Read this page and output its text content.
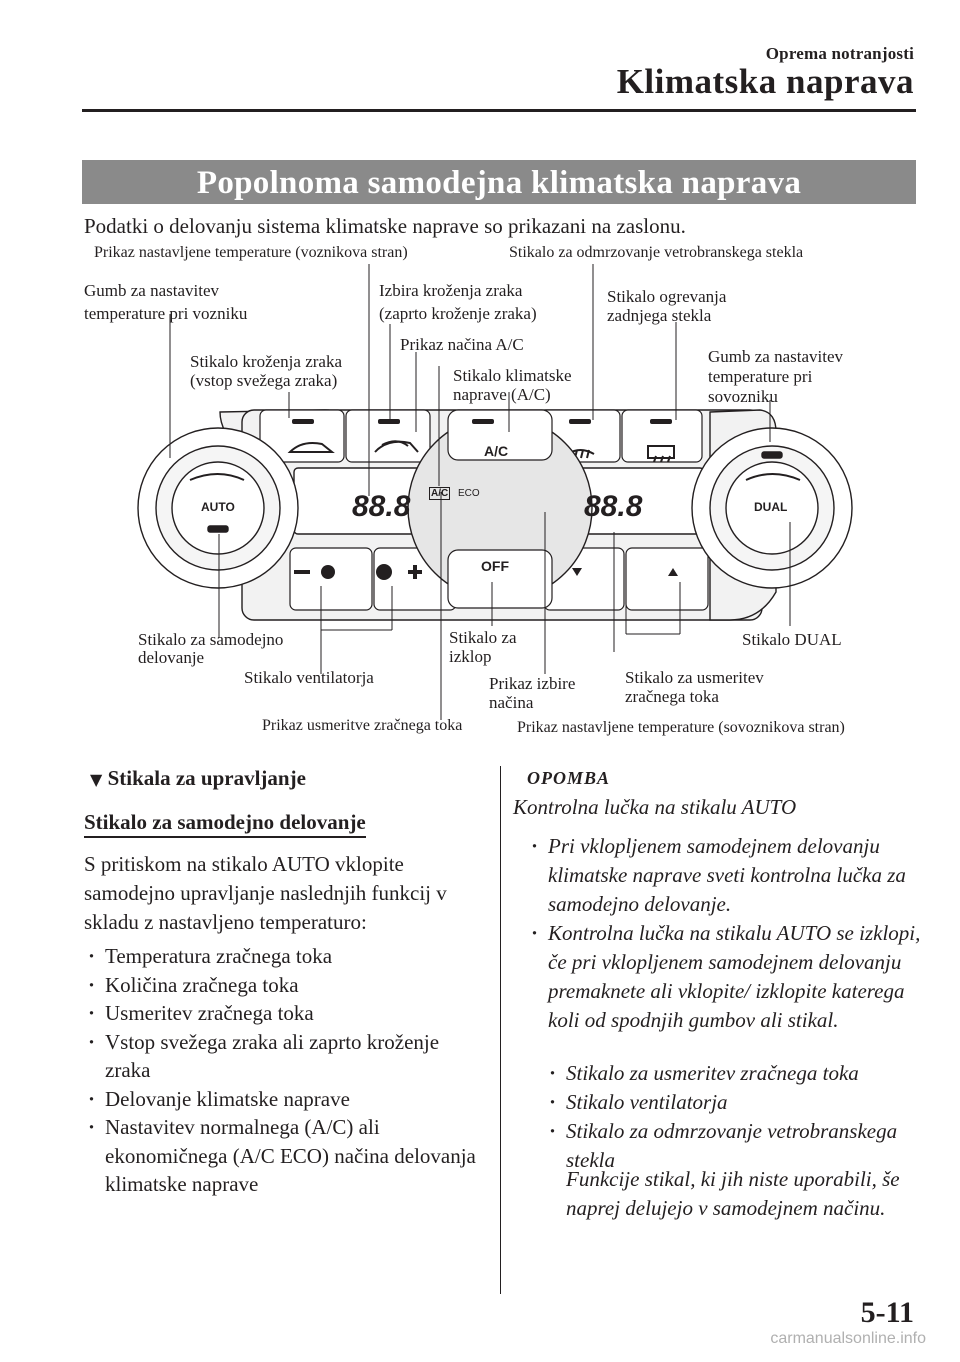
Oprema notranjosti
Klimatska naprava
Popolnoma samodejna klimatska naprava
Podatki o delovanju sistema klimatske naprave so prikazani na zaslonu.
AUTO	DUAL
A/C
OFF
A/C ECO
88.8	88.8
Prikaz nastavljene temperature (voznikova stran)	Stikalo za odmrzovanje vetrobranskega stekla
Gumb za nastavitev
temperature pri vozniku
Izbira kroženja zraka
(zaprto kroženje zraka)
Stikalo ogrevanja
zadnjega stekla
Prikaz načina A/C
Stikalo kroženja zraka
(vstop svežega zraka)	Stikalo klimatske
naprave (A/C)
Gumb za nastavitev
temperature pri
sovozniku
Stikalo za samodejno
delovanje
Stikalo za
izklop
Stikalo DUAL
Stikalo ventilatorja	Prikaz izbire
načina
Stikalo za usmeritev
zračnega toka
Prikaz usmeritve zračnega toka	Prikaz nastavljene temperature (sovoznikova stran)
▼ Stikala za upravljanje
Stikalo za samodejno delovanje
S pritiskom na stikalo AUTO vklopite samodejno upravljanje naslednjih funkcij v skladu z nastavljeno temperaturo:
· Temperatura zračnega toka
· Količina zračnega toka
· Usmeritev zračnega toka
· Vstop svežega zraka ali zaprto kroženje zraka
· Delovanje klimatske naprave
· Nastavitev normalnega (A/C) ali ekonomičnega (A/C ECO) načina delovanja klimatske naprave
OPOMBA
Kontrolna lučka na stikalu AUTO
· Pri vklopljenem samodejnem delovanju klimatske naprave sveti kontrolna lučka za samodejno delovanje.
· Kontrolna lučka na stikalu AUTO se izklopi, če pri vklopljenem samodejnem delovanju premaknete ali vklopite/ izklopite katerega koli od spodnjih gumbov ali stikal.
· Stikalo za usmeritev zračnega toka
· Stikalo ventilatorja
· Stikalo za odmrzovanje vetrobranskega stekla
Funkcije stikal, ki jih niste uporabili, še naprej delujejo v samodejnem načinu.
5-11
carmanualsonline.info
